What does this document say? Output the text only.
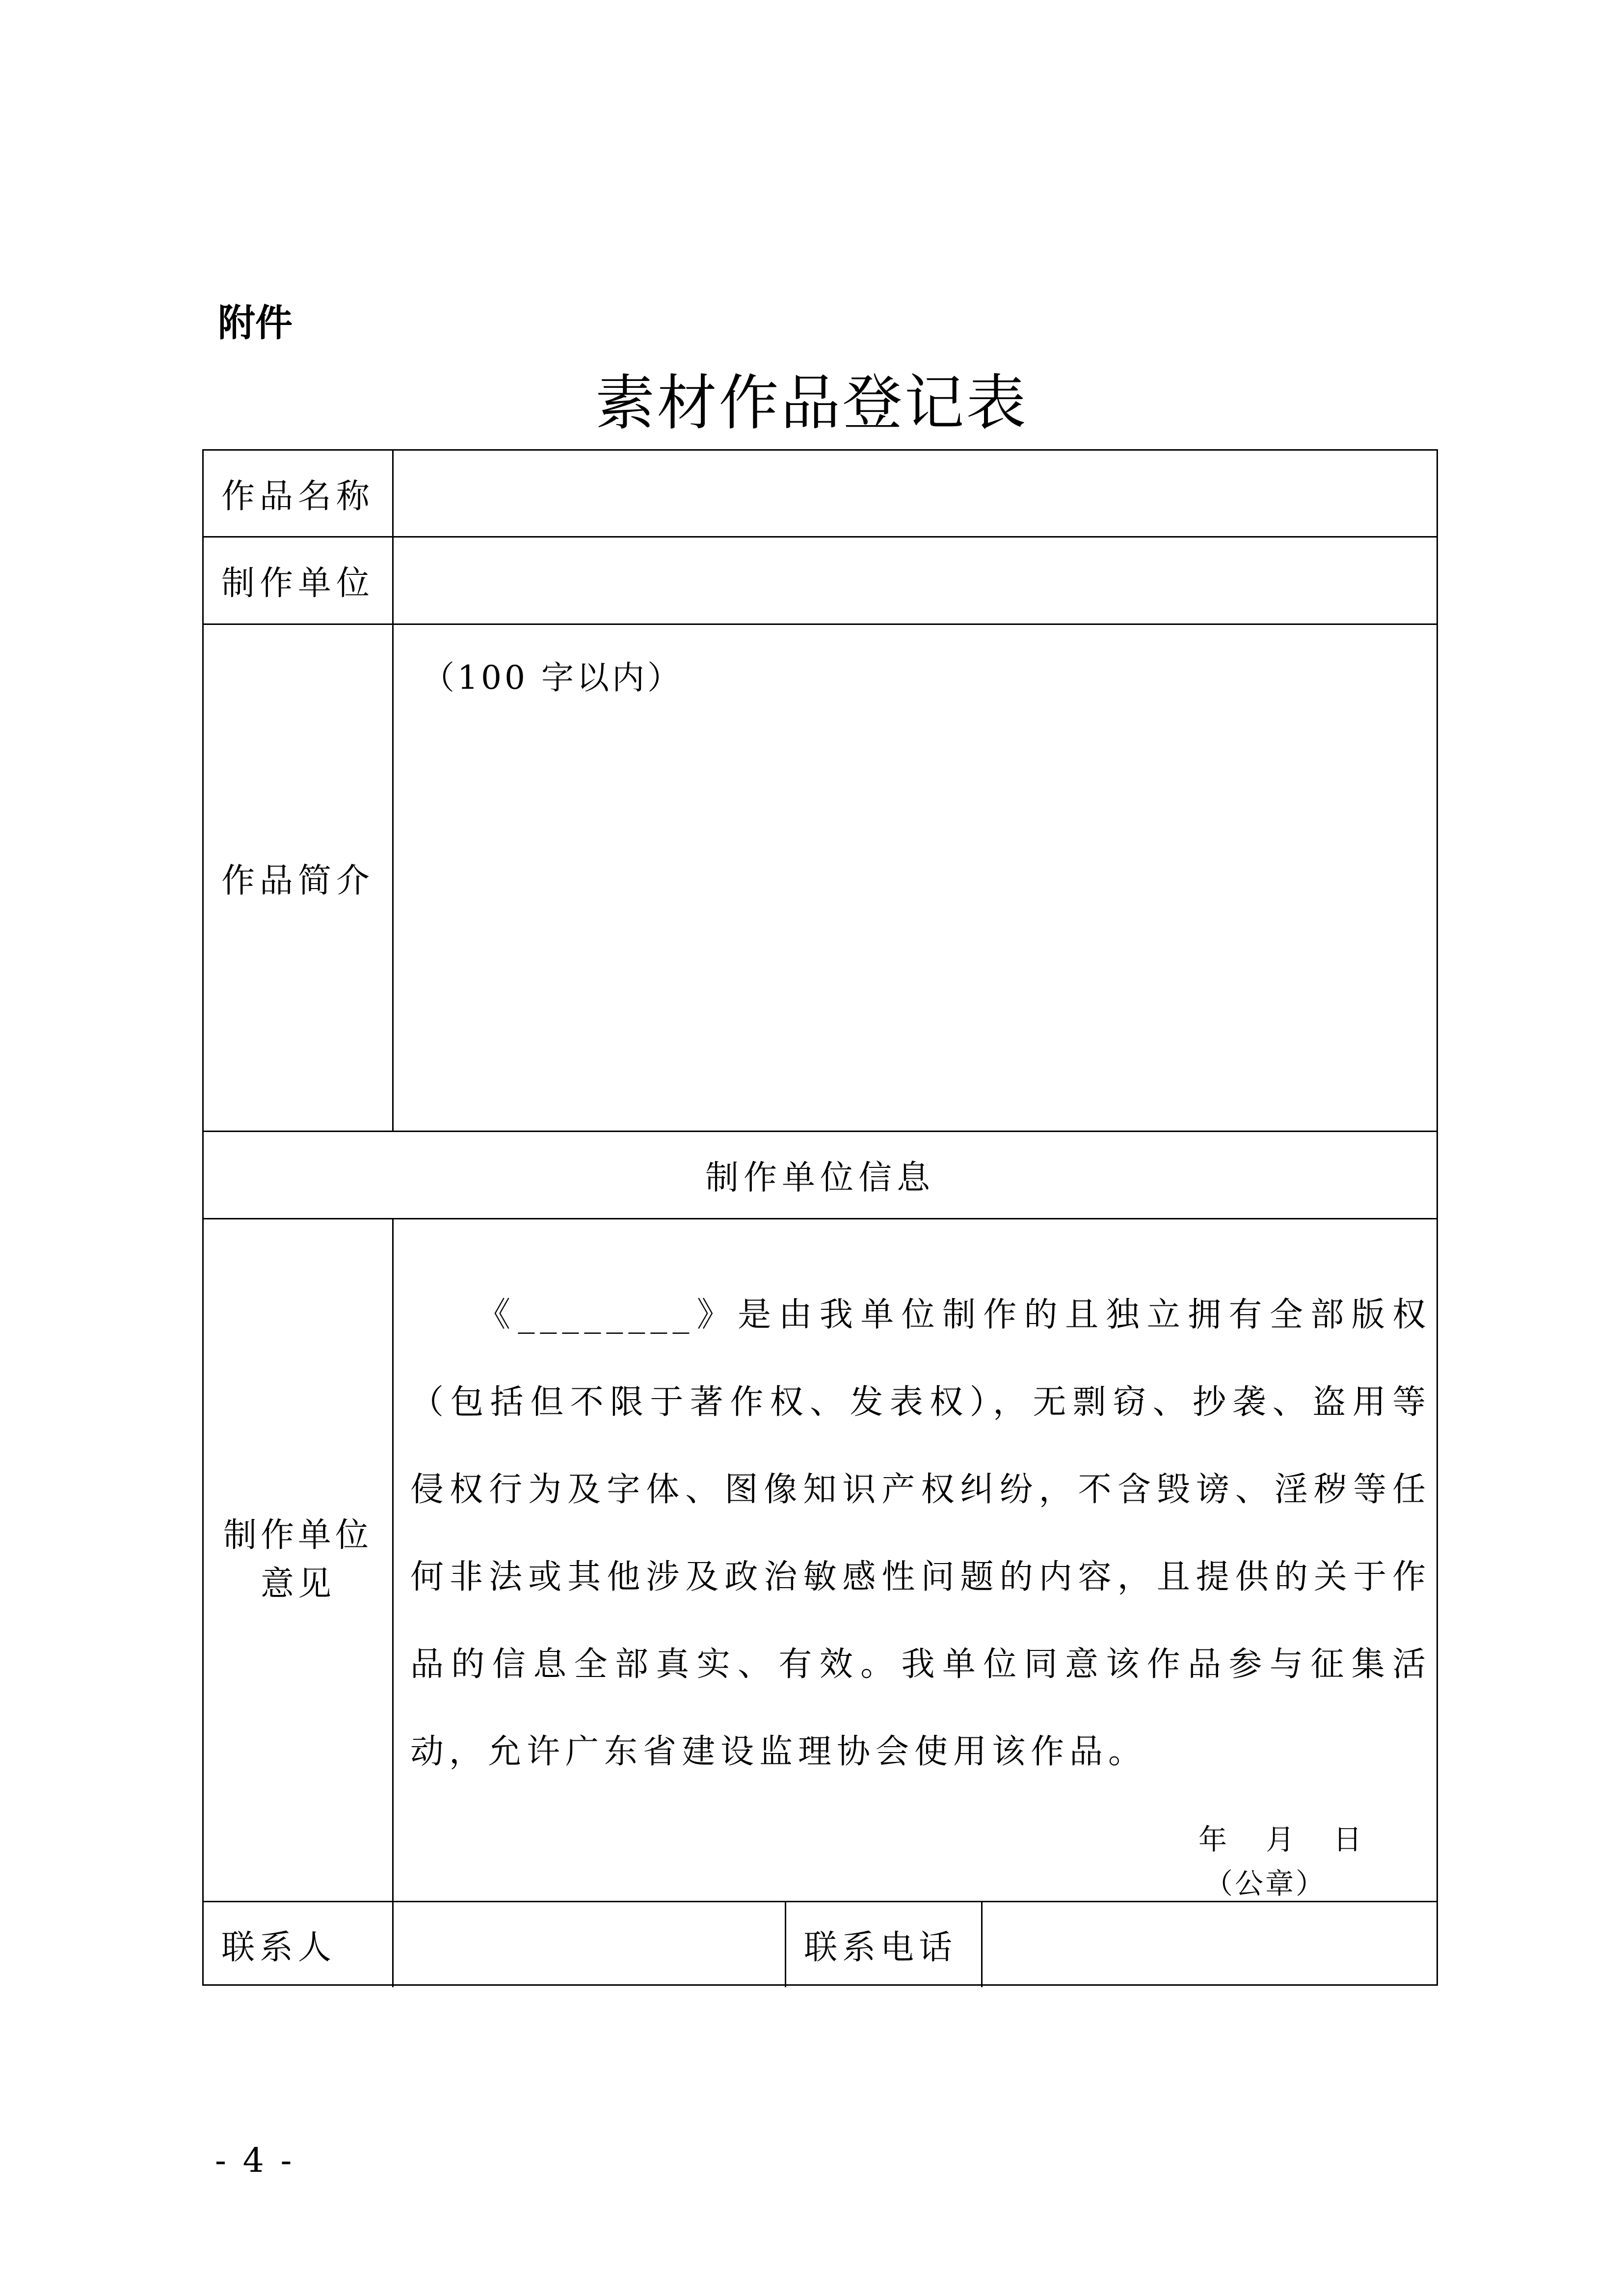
附件
素材作品登记表
作品名称
制作单位
作品简介
（100 字以内）
制作单位信息
制作单位
意见
《________》是由我单位制作的且独立拥有全部版权（包括但不限于著作权、发表权），无剽窃、抄袭、盗用等侵权行为及字体、图像知识产权纠纷，不含毁谤、淫秽等任何非法或其他涉及政治敏感性问题的内容，且提供的关于作品的信息全部真实、有效。我单位同意该作品参与征集活动，允许广东省建设监理协会使用该作品。
年   月   日
（公章）
联系人	联系电话
- 4 -
